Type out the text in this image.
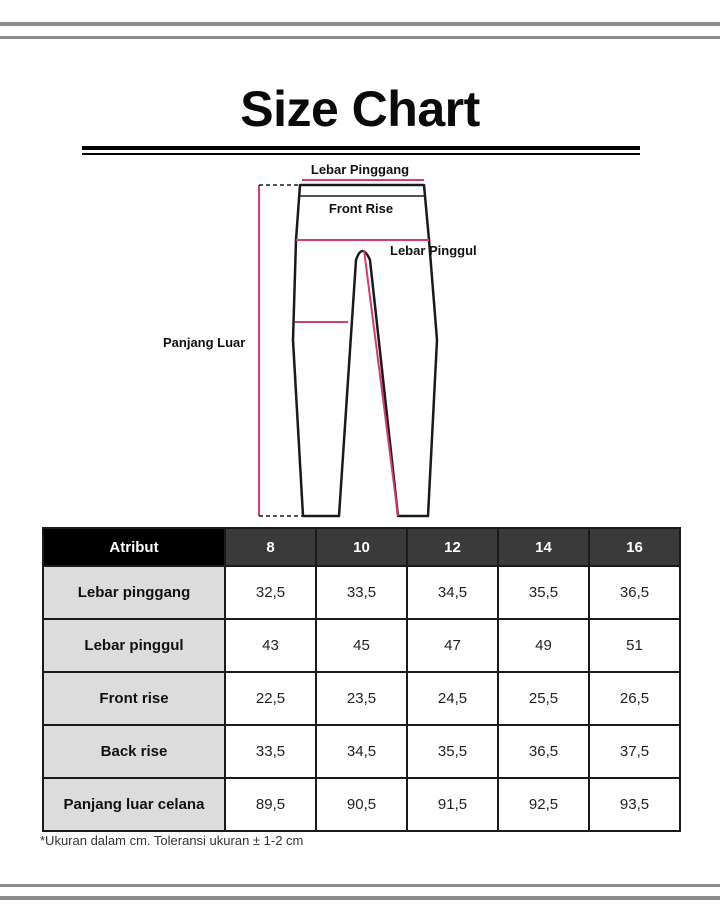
Size Chart
Lebar Pinggang
Front Rise
Lebar Pinggul
Panjang Luar
Atribut	8	10	12	14	16
Lebar pinggang	32,5	33,5	34,5	35,5	36,5
Lebar pinggul	43	45	47	49	51
Front rise	22,5	23,5	24,5	25,5	26,5
Back rise	33,5	34,5	35,5	36,5	37,5
Panjang luar celana	89,5	90,5	91,5	92,5	93,5
*Ukuran dalam cm. Toleransi ukuran ± 1-2 cm
